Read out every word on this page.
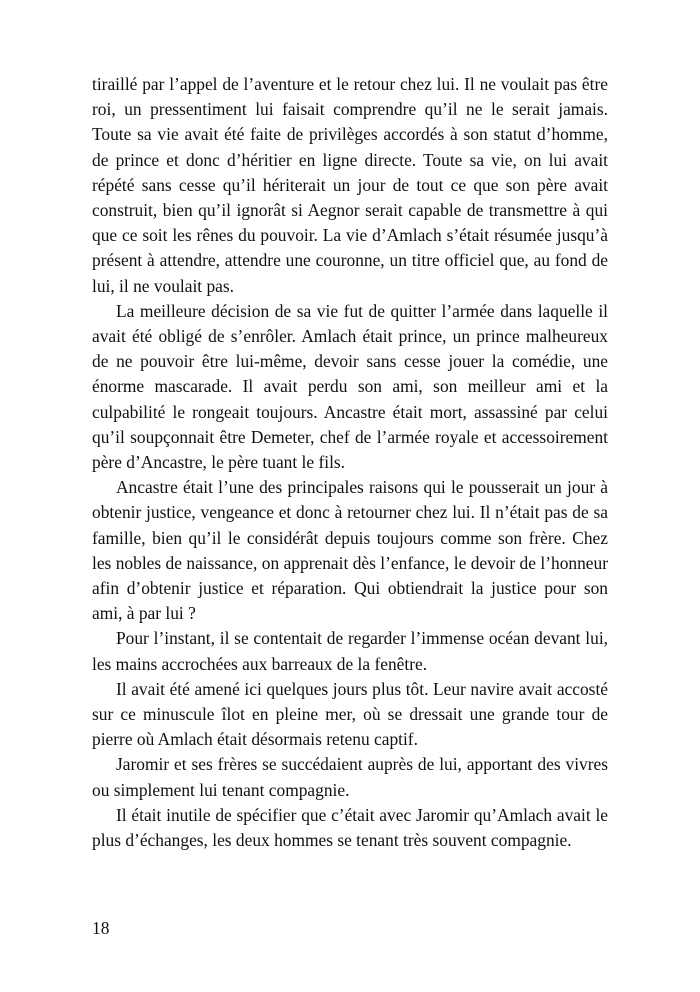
tiraillé par l’appel de l’aventure et le retour chez lui. Il ne voulait pas être roi, un pressentiment lui faisait comprendre qu’il ne le serait jamais. Toute sa vie avait été faite de privilèges accordés à son statut d’homme, de prince et donc d’héritier en ligne directe. Toute sa vie, on lui avait répété sans cesse qu’il hériterait un jour de tout ce que son père avait construit, bien qu’il ignorât si Aegnor serait capable de transmettre à qui que ce soit les rênes du pouvoir. La vie d’Amlach s’était résumée jusqu’à présent à attendre, attendre une couronne, un titre officiel que, au fond de lui, il ne voulait pas.

La meilleure décision de sa vie fut de quitter l’armée dans laquelle il avait été obligé de s’enrôler. Amlach était prince, un prince malheureux de ne pouvoir être lui-même, devoir sans cesse jouer la comédie, une énorme mascarade. Il avait perdu son ami, son meilleur ami et la culpabilité le rongeait toujours. Ancastre était mort, assassiné par celui qu’il soupçonnait être Demeter, chef de l’armée royale et accessoirement père d’Ancastre, le père tuant le fils.

Ancastre était l’une des principales raisons qui le pousserait un jour à obtenir justice, vengeance et donc à retourner chez lui. Il n’était pas de sa famille, bien qu’il le considérât depuis toujours comme son frère. Chez les nobles de naissance, on apprenait dès l’enfance, le devoir de l’honneur afin d’obtenir justice et réparation. Qui obtiendrait la justice pour son ami, à par lui ?

Pour l’instant, il se contentait de regarder l’immense océan devant lui, les mains accrochées aux barreaux de la fenêtre.

Il avait été amené ici quelques jours plus tôt. Leur navire avait accosté sur ce minuscule îlot en pleine mer, où se dressait une grande tour de pierre où Amlach était désormais retenu captif.

Jaromir et ses frères se succédaient auprès de lui, apportant des vivres ou simplement lui tenant compagnie.

Il était inutile de spécifier que c’était avec Jaromir qu’Amlach avait le plus d’échanges, les deux hommes se tenant très souvent compagnie.

18
